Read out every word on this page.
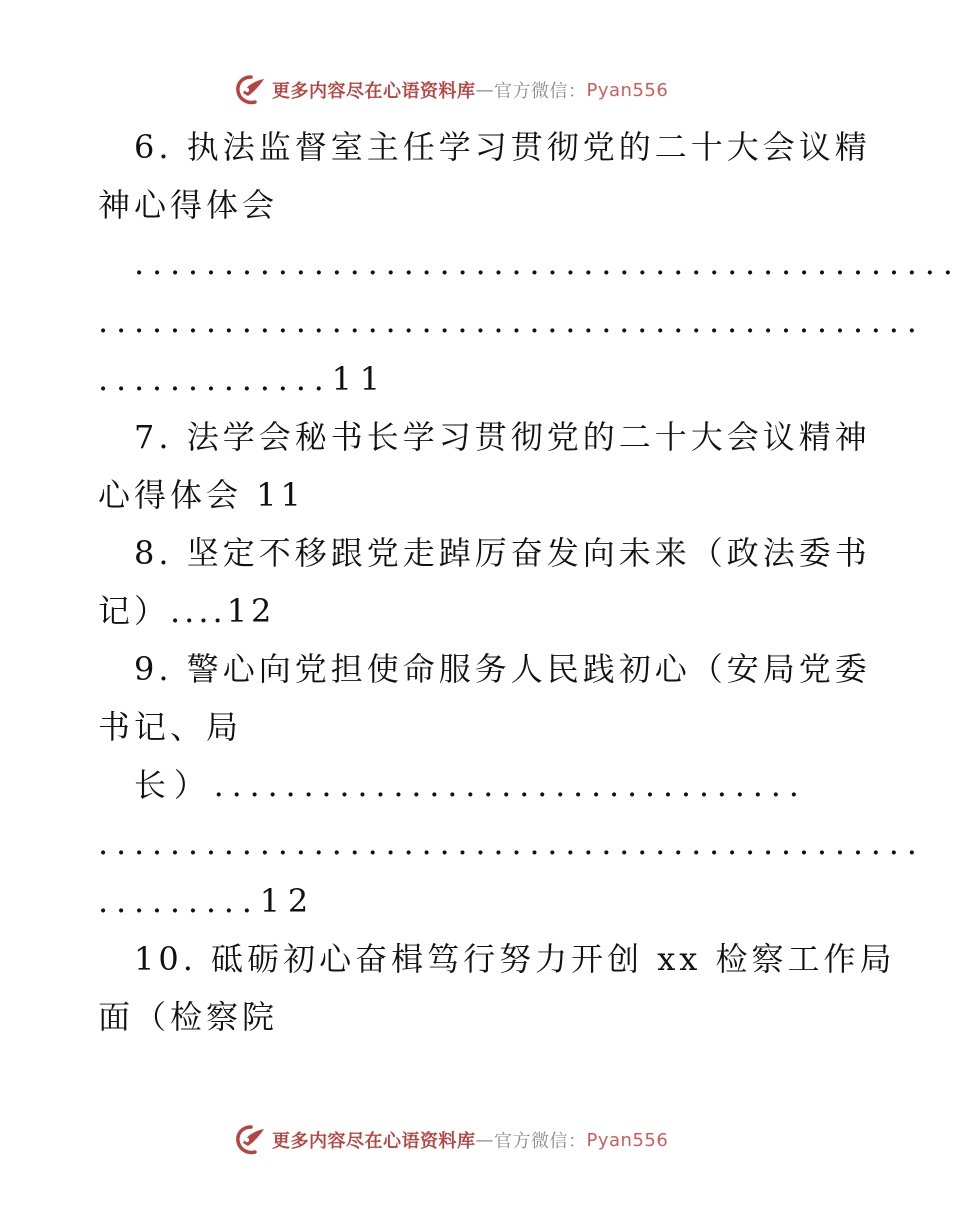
更多内容尽在心语资料库 — 官方微信： Pyan556
6. 执法监督室主任学习贯彻党的二十大会议精
神心得体会
..............................................
..............................................
.............11
7. 法学会秘书长学习贯彻党的二十大会议精神
心得体会 11
8. 坚定不移跟党走踔厉奋发向未来（政法委书
记）....12
9. 警心向党担使命服务人民践初心（安局党委
书记、局
长）.................................
..............................................
.........12
10. 砥砺初心奋楫笃行努力开创 xx 检察工作局
面（检察院
更多内容尽在心语资料库 — 官方微信： Pyan556
